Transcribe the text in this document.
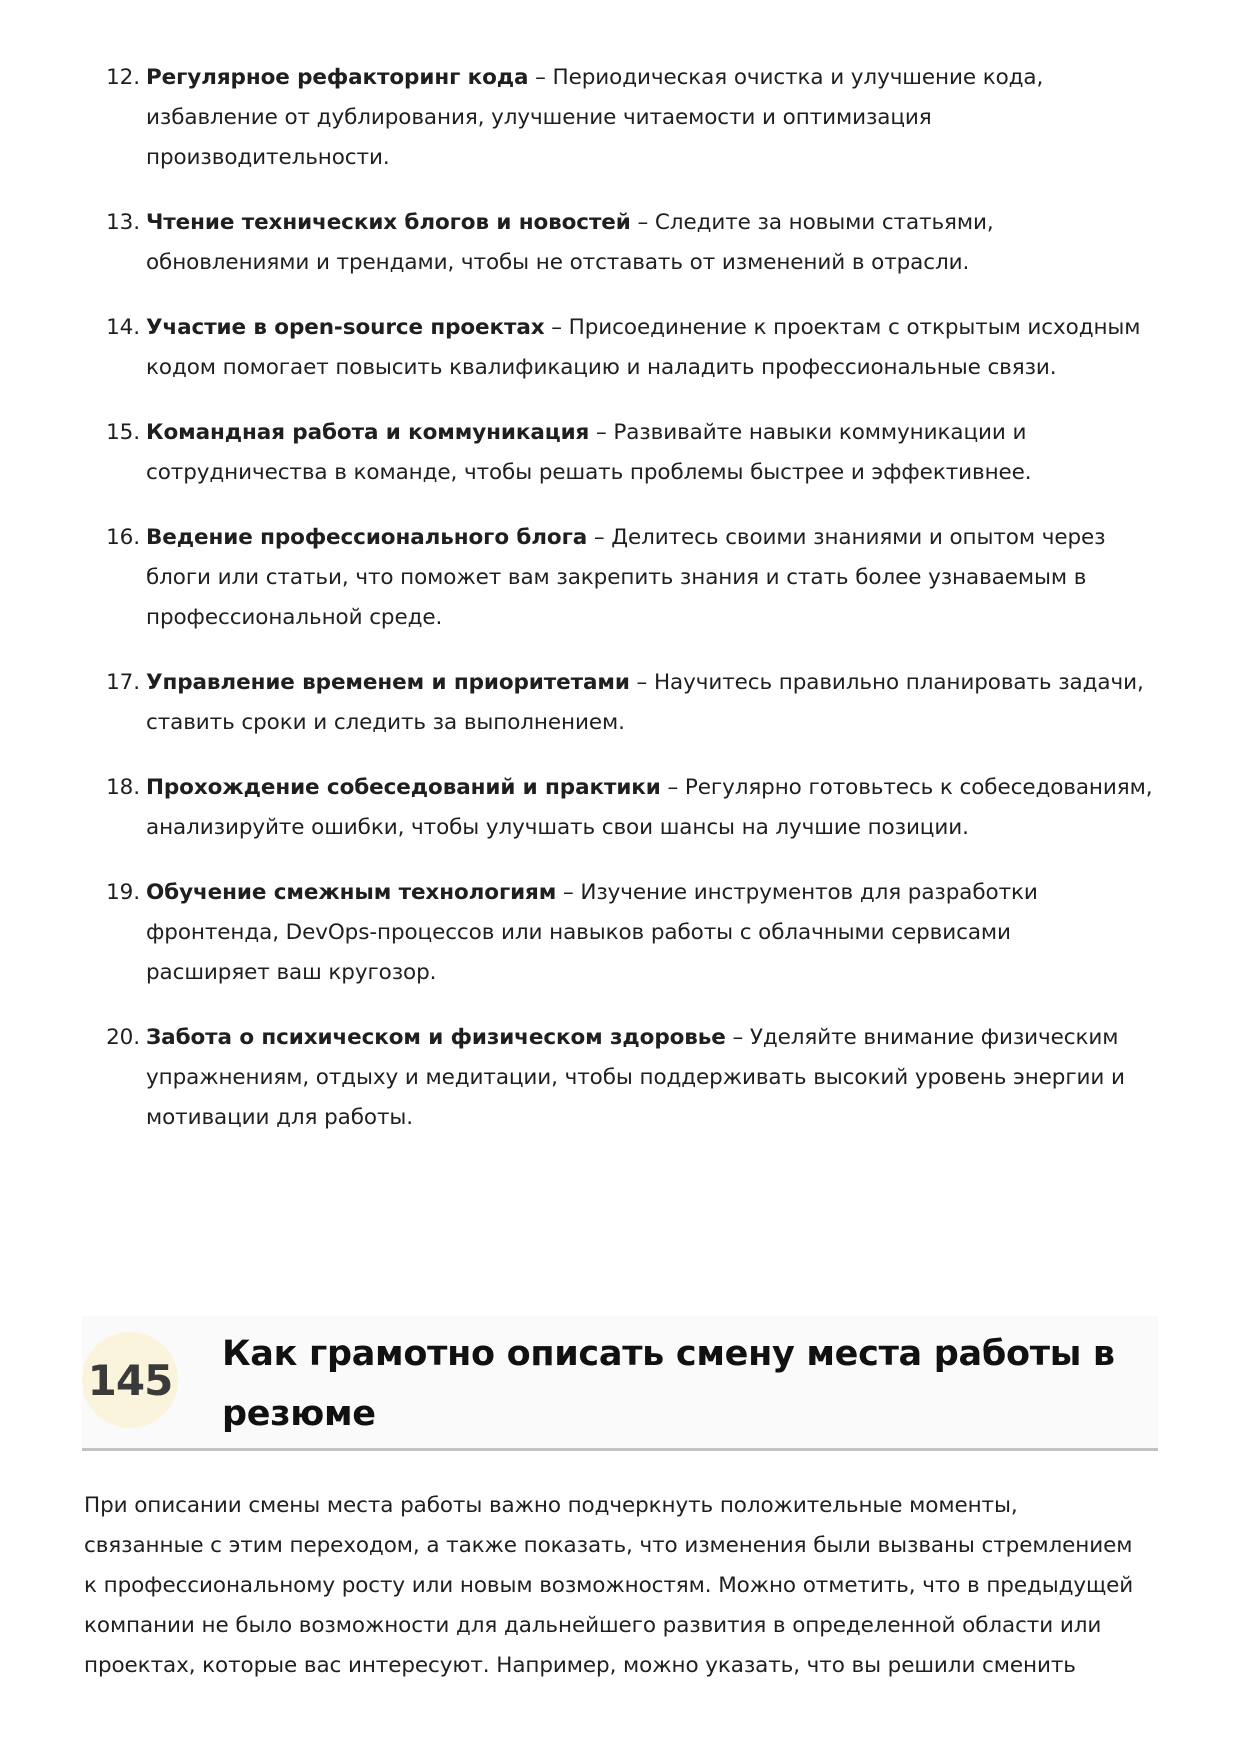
12. Регулярное рефакторинг кода – Периодическая очистка и улучшение кода,
избавление от дублирования, улучшение читаемости и оптимизация
производительности.
13. Чтение технических блогов и новостей – Следите за новыми статьями,
обновлениями и трендами, чтобы не отставать от изменений в отрасли.
14. Участие в open-source проектах – Присоединение к проектам с открытым исходным
кодом помогает повысить квалификацию и наладить профессиональные связи.
15. Командная работа и коммуникация – Развивайте навыки коммуникации и
сотрудничества в команде, чтобы решать проблемы быстрее и эффективнее.
16. Ведение профессионального блога – Делитесь своими знаниями и опытом через
блоги или статьи, что поможет вам закрепить знания и стать более узнаваемым в
профессиональной среде.
17. Управление временем и приоритетами – Научитесь правильно планировать задачи,
ставить сроки и следить за выполнением.
18. Прохождение собеседований и практики – Регулярно готовьтесь к собеседованиям,
анализируйте ошибки, чтобы улучшать свои шансы на лучшие позиции.
19. Обучение смежным технологиям – Изучение инструментов для разработки
фронтенда, DevOps-процессов или навыков работы с облачными сервисами
расширяет ваш кругозор.
20. Забота о психическом и физическом здоровье – Уделяйте внимание физическим
упражнениям, отдыху и медитации, чтобы поддерживать высокий уровень энергии и
мотивации для работы.
145
Как грамотно описать смену места работы в
резюме

При описании смены места работы важно подчеркнуть положительные моменты,
связанные с этим переходом, а также показать, что изменения были вызваны стремлением
к профессиональному росту или новым возможностям. Можно отметить, что в предыдущей
компании не было возможности для дальнейшего развития в определенной области или
проектах, которые вас интересуют. Например, можно указать, что вы решили сменить
